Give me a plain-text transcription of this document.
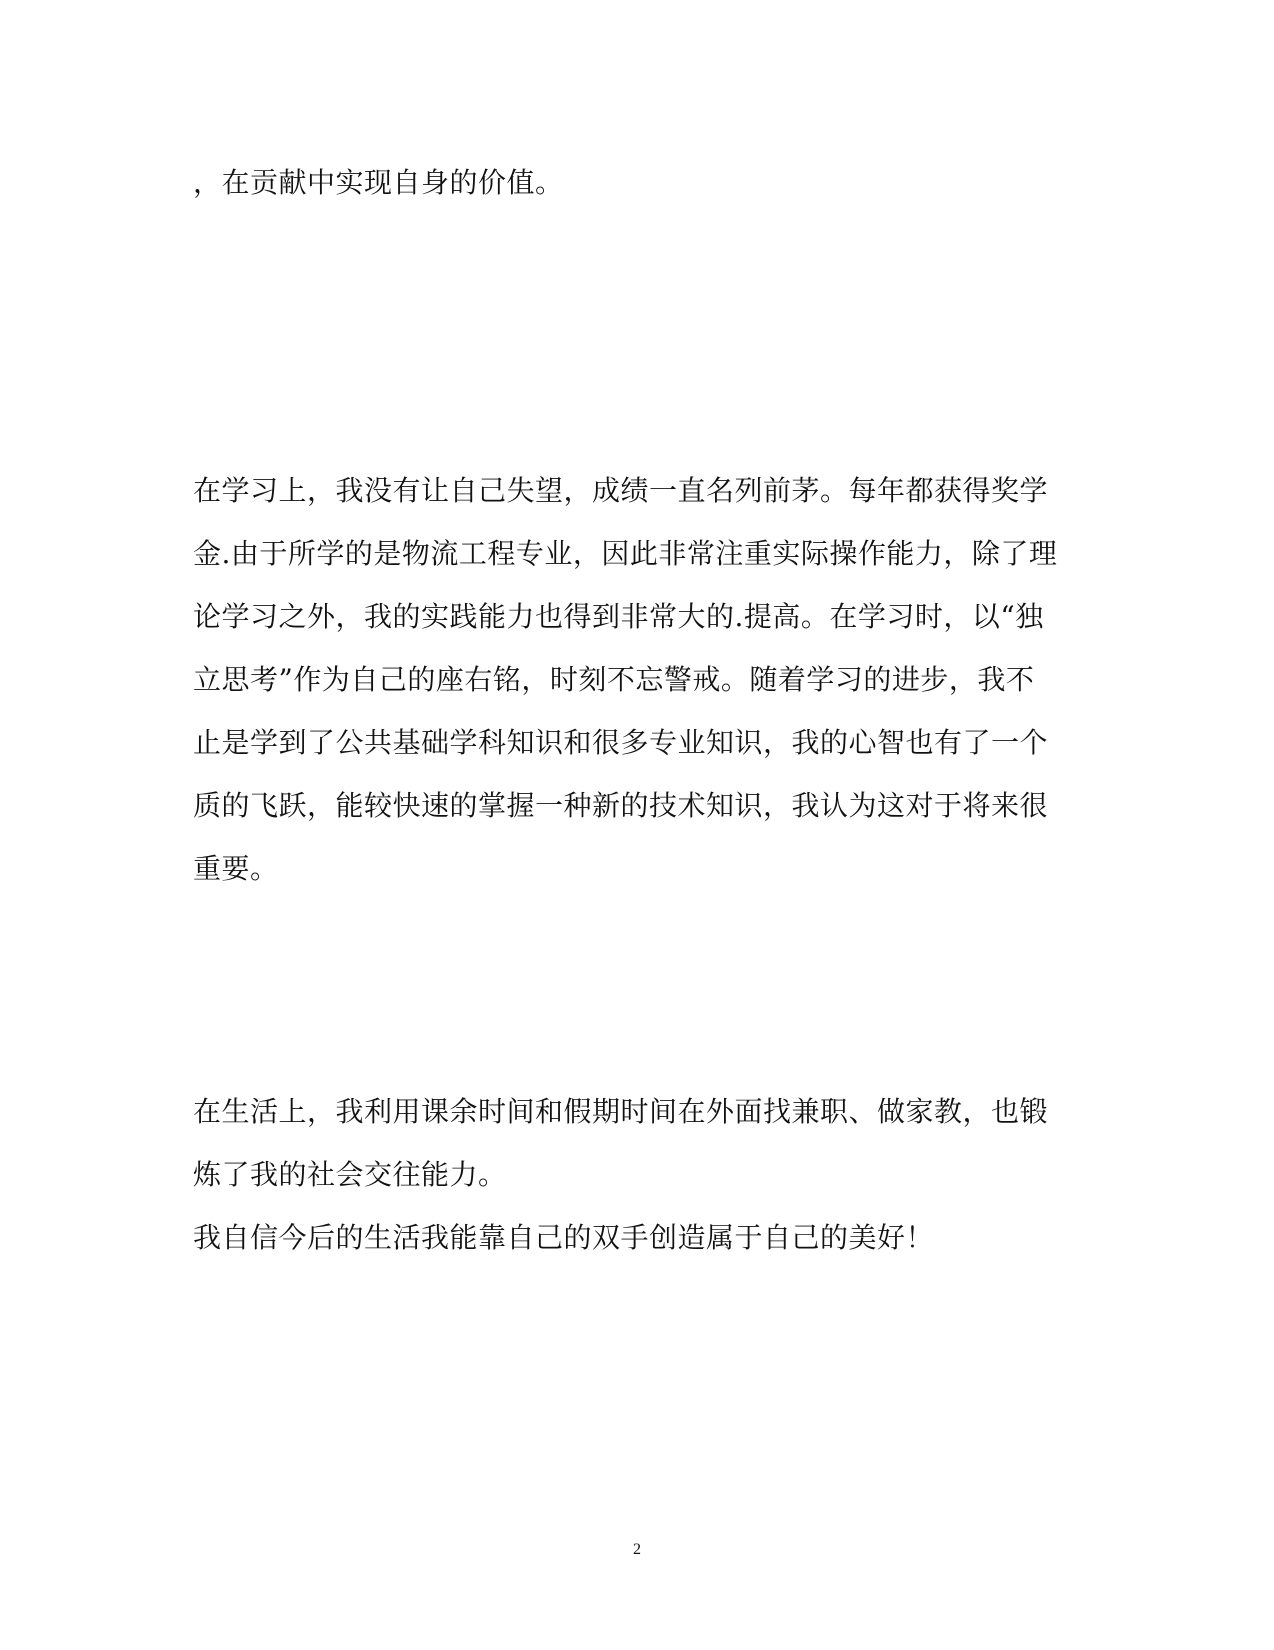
，在贡献中实现自身的价值。
在学习上，我没有让自己失望，成绩一直名列前茅。每年都获得奖学
金.由于所学的是物流工程专业，因此非常注重实际操作能力，除了理
论学习之外，我的实践能力也得到非常大的.提高。在学习时，以“独
立思考”作为自己的座右铭，时刻不忘警戒。随着学习的进步，我不
止是学到了公共基础学科知识和很多专业知识，我的心智也有了一个
质的飞跃，能较快速的掌握一种新的技术知识，我认为这对于将来很
重要。
在生活上，我利用课余时间和假期时间在外面找兼职、做家教，也锻
炼了我的社会交往能力。
我自信今后的生活我能靠自己的双手创造属于自己的美好！
2
